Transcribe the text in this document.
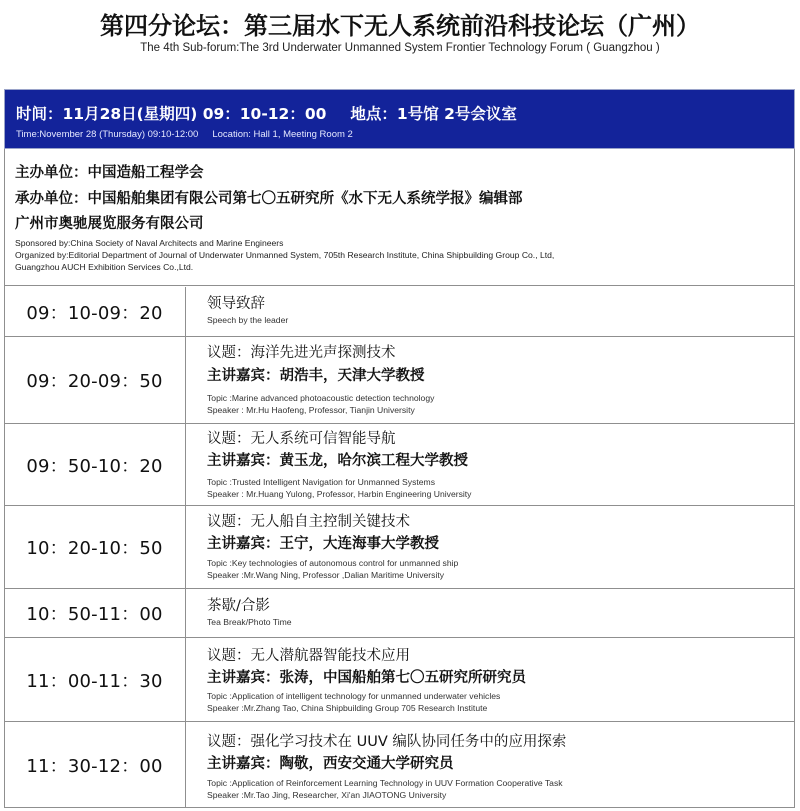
第四分论坛：第三届水下无人系统前沿科技论坛（广州）
The 4th Sub-forum:The 3rd Underwater Unmanned System Frontier Technology Forum ( Guangzhou )
时间：11月28日(星期四) 09：10-12：00 地点：1号馆 2号会议室
Time:November 28 (Thursday) 09:10-12:00 Location: Hall 1, Meeting Room 2
主办单位：中国造船工程学会
承办单位：中国船舶集团有限公司第七〇五研究所《水下无人系统学报》编辑部
广州市奥驰展览服务有限公司
Sponsored by:China Society of Naval Architects and Marine Engineers
Organized by:Editorial Department of Journal of Underwater Unmanned System, 705th Research Institute, China Shipbuilding Group Co., Ltd,
Guangzhou AUCH Exhibition Services Co.,Ltd.
09：10-09：20	领导致辞
Speech by the leader
09：20-09：50
议题：海洋先进光声探测技术
主讲嘉宾：胡浩丰，天津大学教授
Topic :Marine advanced photoacoustic detection technology
Speaker : Mr.Hu Haofeng, Professor, Tianjin University
09：50-10：20
议题：无人系统可信智能导航
主讲嘉宾：黄玉龙，哈尔滨工程大学教授
Topic :Trusted Intelligent Navigation for Unmanned Systems
Speaker : Mr.Huang Yulong, Professor, Harbin Engineering University
10：20-10：50
议题：无人船自主控制关键技术
主讲嘉宾：王宁，大连海事大学教授
Topic :Key technologies of autonomous control for unmanned ship
Speaker :Mr.Wang Ning, Professor ,Dalian Maritime University
10：50-11：00	茶歇/合影
Tea Break/Photo Time
11：00-11：30
议题：无人潜航器智能技术应用
主讲嘉宾：张涛，中国船舶第七〇五研究所研究员
Topic :Application of intelligent technology for unmanned underwater vehicles
Speaker :Mr.Zhang Tao, China Shipbuilding Group 705 Research Institute
11：30-12：00
议题：强化学习技术在 UUV 编队协同任务中的应用探索
主讲嘉宾：陶敬，西安交通大学研究员
Topic :Application of Reinforcement Learning Technology in UUV Formation Cooperative Task
Speaker :Mr.Tao Jing, Researcher, Xi'an JIAOTONG University
